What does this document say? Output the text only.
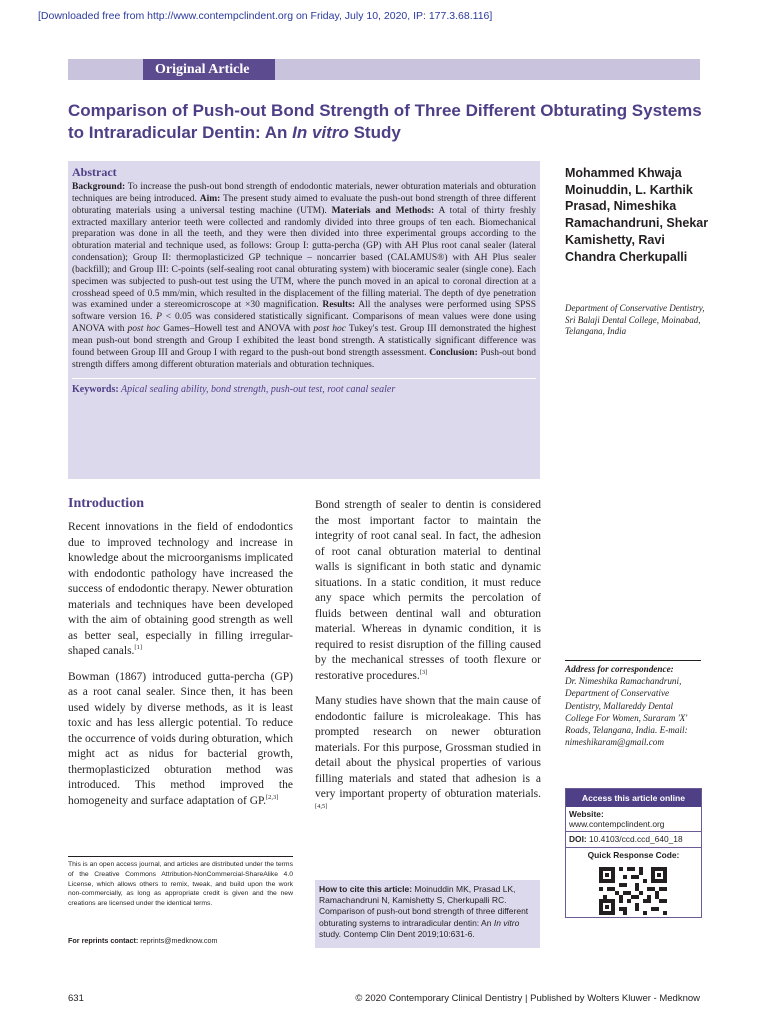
[Downloaded free from http://www.contempclindent.org on Friday, July 10, 2020, IP: 177.3.68.116]
Original Article
Comparison of Push-out Bond Strength of Three Different Obturating Systems to Intraradicular Dentin: An In vitro Study
Abstract
Background: To increase the push-out bond strength of endodontic materials, newer obturation materials and obturation techniques are being introduced. Aim: The present study aimed to evaluate the push-out bond strength of three different obturating materials using a universal testing machine (UTM). Materials and Methods: A total of thirty freshly extracted maxillary anterior teeth were collected and randomly divided into three groups of ten each. Biomechanical preparation was done in all the teeth, and they were then divided into three experimental groups according to the obturation material and technique used, as follows: Group I: gutta-percha (GP) with AH Plus root canal sealer (lateral condensation); Group II: thermoplasticized GP technique – noncarrier based (CALAMUS®) with AH Plus sealer (backfill); and Group III: C-points (self-sealing root canal obturating system) with bioceramic sealer (single cone). Each specimen was subjected to push-out test using the UTM, where the punch moved in an apical to coronal direction at a crosshead speed of 0.5 mm/min, which resulted in the displacement of the filling material. The depth of dye penetration was examined under a stereomicroscope at ×30 magnification. Results: All the analyses were performed using SPSS software version 16. P < 0.05 was considered statistically significant. Comparisons of mean values were done using ANOVA with post hoc Games–Howell test and ANOVA with post hoc Tukey's test. Group III demonstrated the highest mean push-out bond strength and Group I exhibited the least bond strength. A statistically significant difference was found between Group III and Group I with regard to the push-out bond strength assessment. Conclusion: Push-out bond strength differs among different obturation materials and obturation techniques.
Keywords: Apical sealing ability, bond strength, push-out test, root canal sealer
Mohammed Khwaja Moinuddin, L. Karthik Prasad, Nimeshika Ramachandruni, Shekar Kamishetty, Ravi Chandra Cherkupalli
Department of Conservative Dentistry, Sri Balaji Dental College, Moinabad, Telangana, India
Introduction

Recent innovations in the field of endodontics due to improved technology and increase in knowledge about the microorganisms implicated with endodontic pathology have increased the success of endodontic therapy. Newer obturation materials and techniques have been developed with the aim of obtaining good strength as well as better seal, especially in filling irregular-shaped canals.[1]

Bowman (1867) introduced gutta-percha (GP) as a root canal sealer. Since then, it has been used widely by diverse methods, as it is least toxic and has less allergic potential. To reduce the occurrence of voids during obturation, which might act as nidus for bacterial growth, thermoplasticized obturation method was introduced. This method improved the homogeneity and surface adaptation of GP.[2,3]

Bond strength of sealer to dentin is considered the most important factor to maintain the integrity of root canal seal. In fact, the adhesion of root canal obturation material to dentinal walls is significant in both static and dynamic situations. In a static condition, it must reduce any space which permits the percolation of fluids between dentinal wall and obturation material. Whereas in dynamic condition, it is required to resist disruption of the filling caused by the mechanical stresses of tooth flexure or restorative procedures.[3]

Many studies have shown that the main cause of endodontic failure is microleakage. This has prompted research on newer obturation materials. For this purpose, Grossman studied in detail about the physical properties of various filling materials and stated that adhesion is a very important property of obturation materials.[4,5]

This is an open access journal, and articles are distributed under the terms of the Creative Commons Attribution-NonCommercial-ShareAlike 4.0 License, which allows others to remix, tweak, and build upon the work non-commercially, as long as appropriate credit is given and the new creations are licensed under the identical terms.
For reprints contact: reprints@medknow.com
Address for correspondence:
Dr. Nimeshika Ramachandruni, Department of Conservative Dentistry, Mallareddy Dental College For Women, Suraram 'X' Roads, Telangana, India. E-mail: nimeshikaram@gmail.com
Access this article online
Website:
www.contempclindent.org
DOI: 10.4103/ccd.ccd_640_18
Quick Response Code:
How to cite this article: Moinuddin MK, Prasad LK, Ramachandruni N, Kamishetty S, Cherkupalli RC. Comparison of push-out bond strength of three different obturating systems to intraradicular dentin: An In vitro study. Contemp Clin Dent 2019;10:631-6.
631	© 2020 Contemporary Clinical Dentistry | Published by Wolters Kluwer - Medknow
